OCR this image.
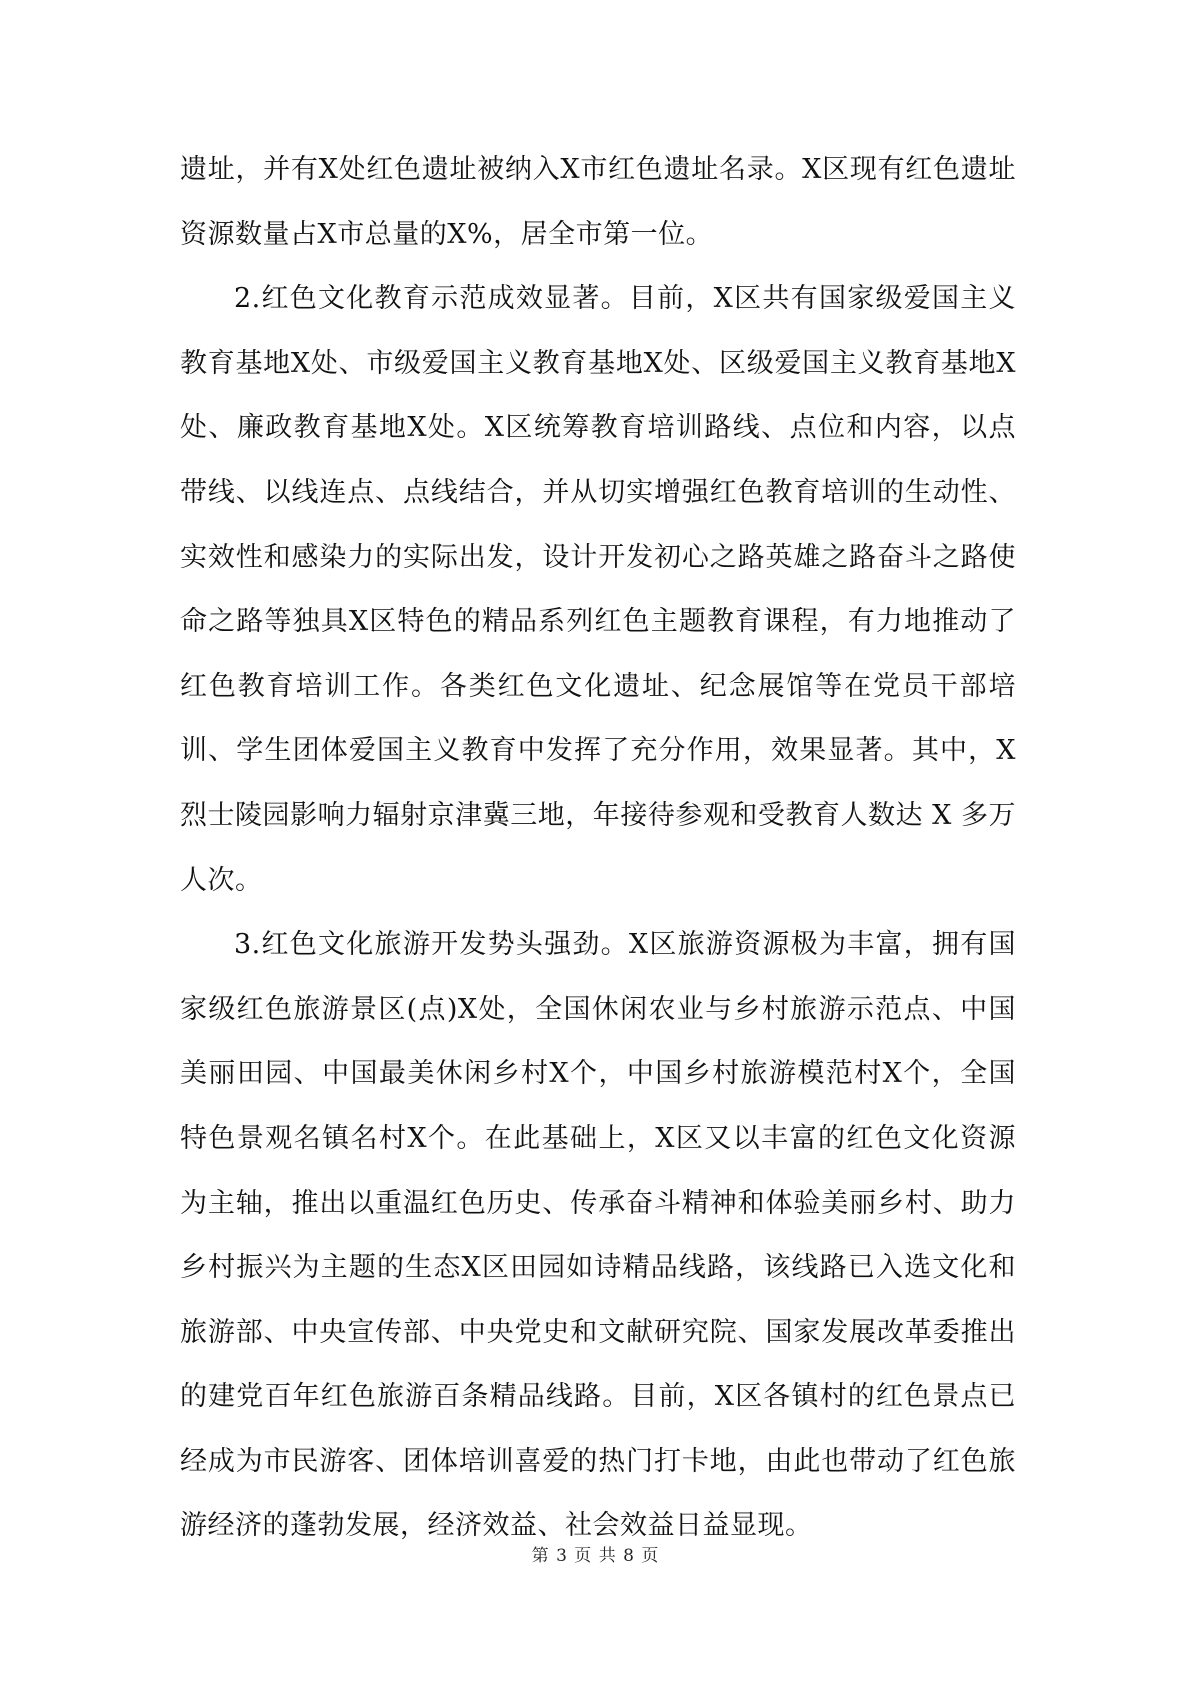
遗址，并有X处红色遗址被纳入X市红色遗址名录。X区现有红色遗址资源数量占X市总量的X%，居全市第一位。

2.红色文化教育示范成效显著。目前，X区共有国家级爱国主义教育基地X处、市级爱国主义教育基地X处、区级爱国主义教育基地X处、廉政教育基地X处。X区统筹教育培训路线、点位和内容，以点带线、以线连点、点线结合，并从切实增强红色教育培训的生动性、实效性和感染力的实际出发，设计开发初心之路英雄之路奋斗之路使命之路等独具X区特色的精品系列红色主题教育课程，有力地推动了红色教育培训工作。各类红色文化遗址、纪念展馆等在党员干部培训、学生团体爱国主义教育中发挥了充分作用，效果显著。其中，X烈士陵园影响力辐射京津冀三地，年接待参观和受教育人数达 X 多万人次。

3.红色文化旅游开发势头强劲。X区旅游资源极为丰富，拥有国家级红色旅游景区(点)X处，全国休闲农业与乡村旅游示范点、中国美丽田园、中国最美休闲乡村X个，中国乡村旅游模范村X个，全国特色景观名镇名村X个。在此基础上，X区又以丰富的红色文化资源为主轴，推出以重温红色历史、传承奋斗精神和体验美丽乡村、助力乡村振兴为主题的生态X区田园如诗精品线路，该线路已入选文化和旅游部、中央宣传部、中央党史和文献研究院、国家发展改革委推出的建党百年红色旅游百条精品线路。目前，X区各镇村的红色景点已经成为市民游客、团体培训喜爱的热门打卡地，由此也带动了红色旅游经济的蓬勃发展，经济效益、社会效益日益显现。

第 3 页 共 8 页
